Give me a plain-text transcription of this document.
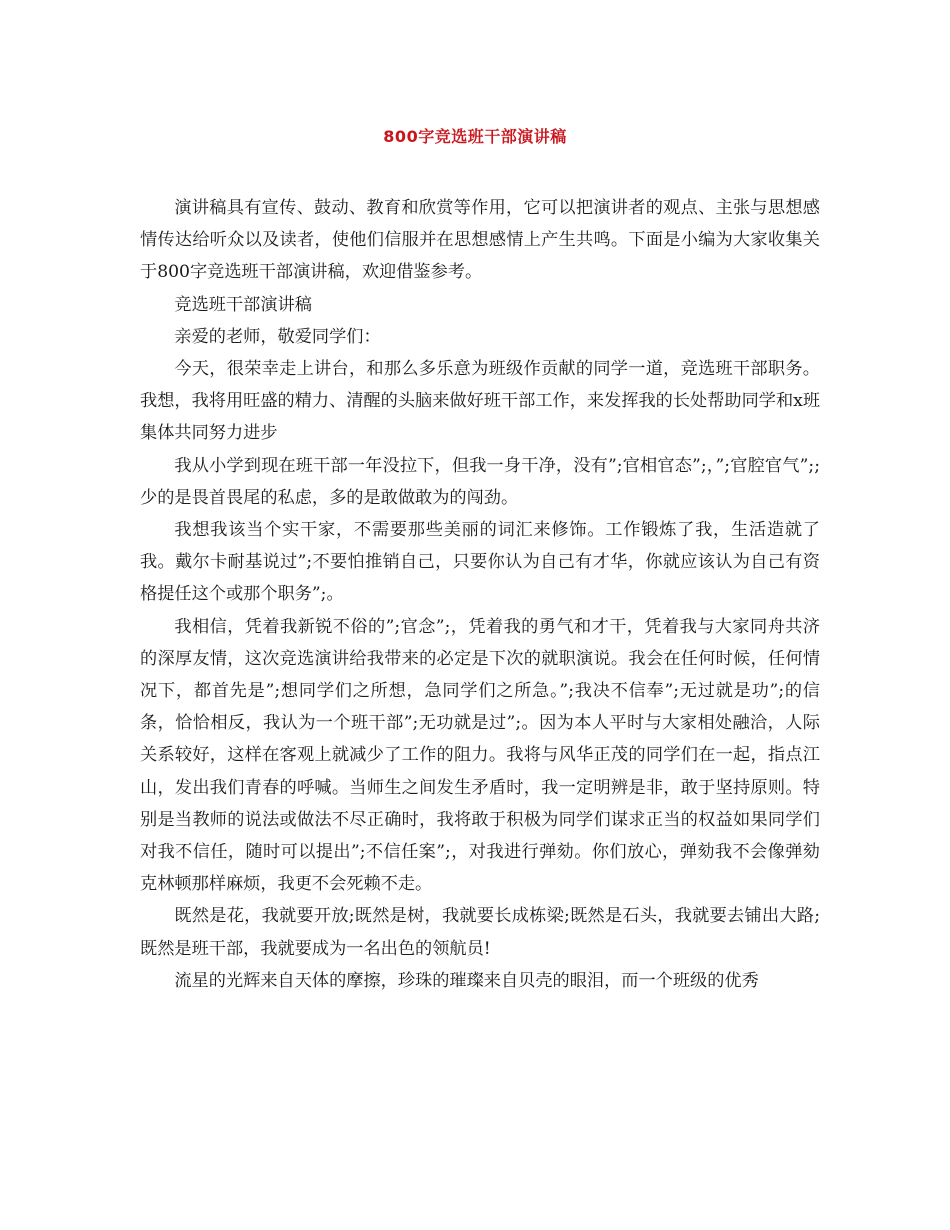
800字竞选班干部演讲稿

演讲稿具有宣传、鼓动、教育和欣赏等作用，它可以把演讲者的观点、主张与思想感情传达给听众以及读者，使他们信服并在思想感情上产生共鸣。下面是小编为大家收集关于800字竞选班干部演讲稿，欢迎借鉴参考。

竞选班干部演讲稿

亲爱的老师，敬爱同学们：

今天，很荣幸走上讲台，和那么多乐意为班级作贡献的同学一道，竞选班干部职务。我想，我将用旺盛的精力、清醒的头脑来做好班干部工作，来发挥我的长处帮助同学和x班集体共同努力进步

我从小学到现在班干部一年没拉下，但我一身干净，没有”;官相官态”;，”;官腔官气”;;少的是畏首畏尾的私虑，多的是敢做敢为的闯劲。

我想我该当个实干家，不需要那些美丽的词汇来修饰。工作锻炼了我，生活造就了我。戴尔卡耐基说过”;不要怕推销自己，只要你认为自己有才华，你就应该认为自己有资格提任这个或那个职务”;。

我相信，凭着我新锐不俗的”;官念”;，凭着我的勇气和才干，凭着我与大家同舟共济的深厚友情，这次竞选演讲给我带来的必定是下次的就职演说。我会在任何时候，任何情况下，都首先是”;想同学们之所想，急同学们之所急。”;我决不信奉”;无过就是功”;的信条，恰恰相反，我认为一个班干部”;无功就是过”;。因为本人平时与大家相处融洽，人际关系较好，这样在客观上就减少了工作的阻力。我将与风华正茂的同学们在一起，指点江山，发出我们青春的呼喊。当师生之间发生矛盾时，我一定明辨是非，敢于坚持原则。特别是当教师的说法或做法不尽正确时，我将敢于积极为同学们谋求正当的权益如果同学们对我不信任，随时可以提出”;不信任案”;，对我进行弹劾。你们放心，弹劾我不会像弹劾克林顿那样麻烦，我更不会死赖不走。

既然是花，我就要开放;既然是树，我就要长成栋梁;既然是石头，我就要去铺出大路;既然是班干部，我就要成为一名出色的领航员!

流星的光辉来自天体的摩擦，珍珠的璀璨来自贝壳的眼泪，而一个班级的优秀
